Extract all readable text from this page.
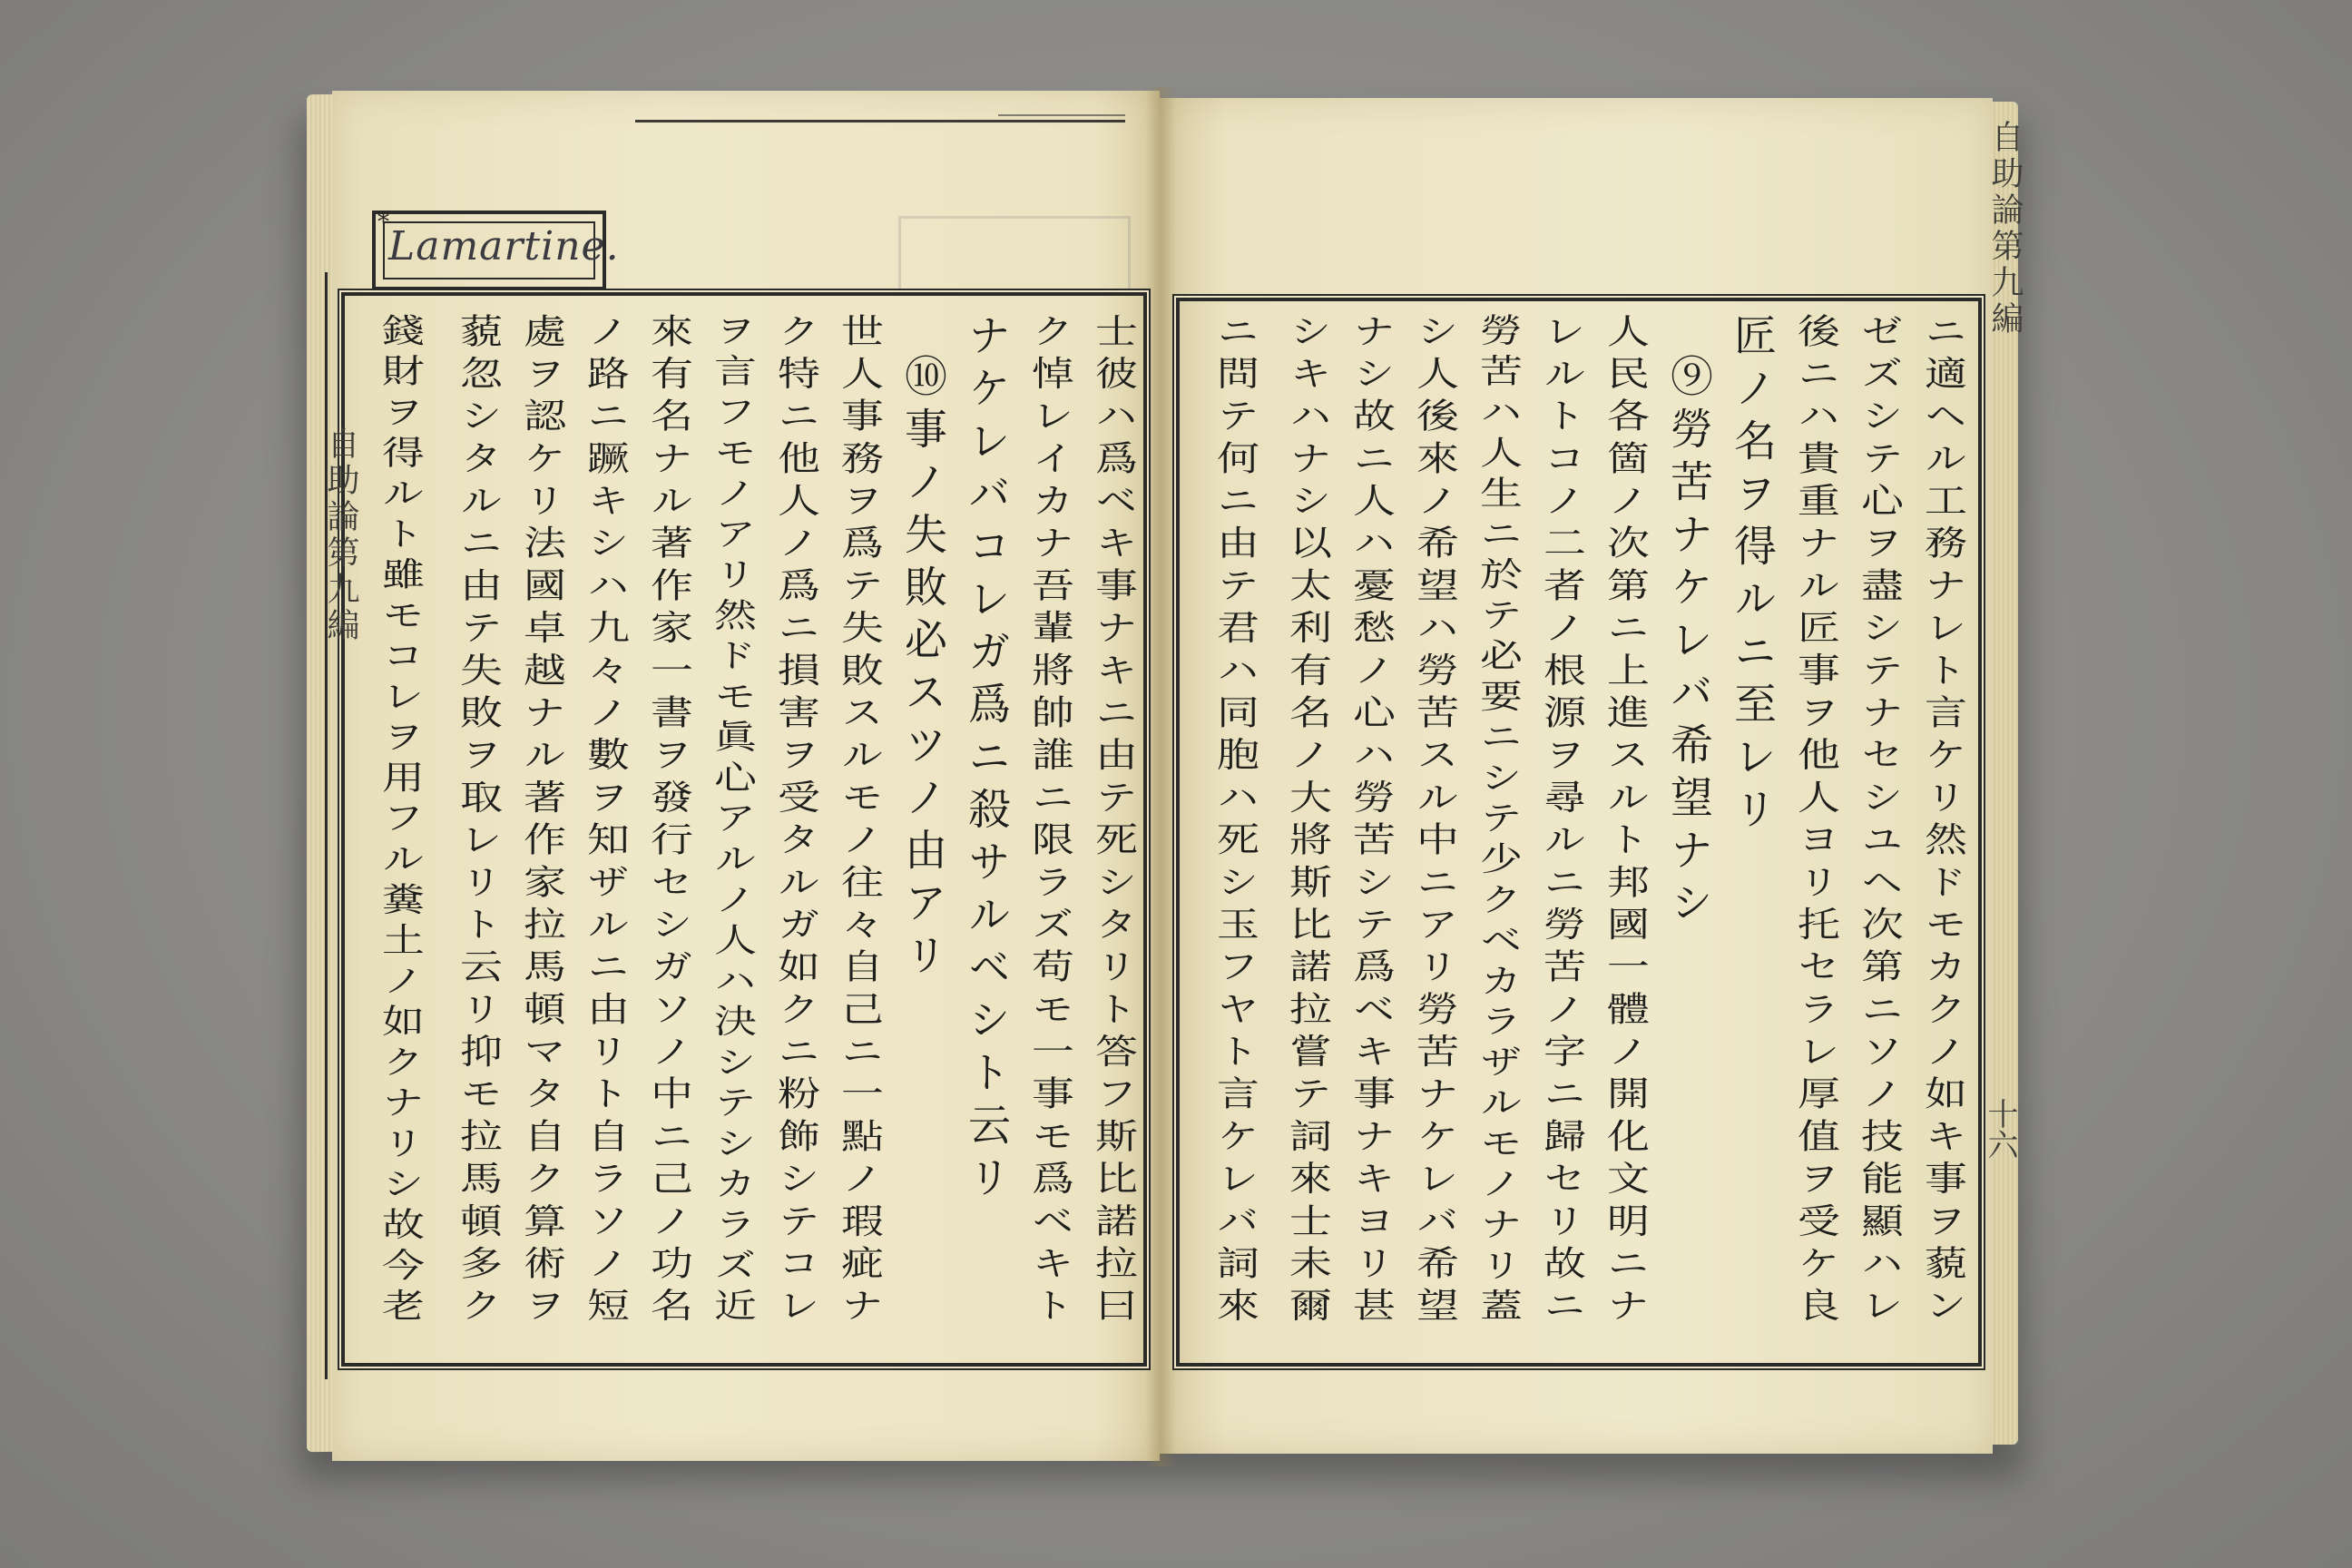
*
Lamartine.
自助論第九編
自助論第九編
十六
士彼ハ爲ベキ事ナキニ由テ死シタリト答フ斯比諾拉曰
ク悼レイカナ吾輩將帥誰ニ限ラズ苟モ一事モ爲ベキト
ナケレバコレガ爲ニ殺サルベシト云リ
⑩事ノ失敗必スツノ由アリ
世人事務ヲ爲テ失敗スルモノ往々自己ニ一點ノ瑕疵ナ
ク特ニ他人ノ爲ニ損害ヲ受タルガ如クニ粉飾シテコレ
ヲ言フモノアリ然ドモ眞心アルノ人ハ決シテシカラズ近
來有名ナル著作家一書ヲ發行セシガソノ中ニ己ノ功名
ノ路ニ蹶キシハ九々ノ數ヲ知ザルニ由リト自ラソノ短
處ヲ認ケリ法國卓越ナル著作家拉馬頓マタ自ク算術ヲ
藐忽シタルニ由テ失敗ヲ取レリト云リ抑モ拉馬頓多ク
錢財ヲ得ルト雖モコレヲ用フル糞土ノ如クナリシ故今老	ニ適ヘル工務ナレト言ケリ然ドモカクノ如キ事ヲ藐ン
ゼズシテ心ヲ盡シテナセシユヘ次第ニソノ技能顯ハレ
後ニハ貴重ナル匠事ヲ他人ヨリ托セラレ厚值ヲ受ケ良
匠ノ名ヲ得ルニ至レリ
⑨勞苦ナケレバ希望ナシ
人民各箇ノ次第ニ上進スルト邦國一體ノ開化文明ニナ
レルトコノ二者ノ根源ヲ尋ルニ勞苦ノ字ニ歸セリ故ニ
勞苦ハ人生ニ於テ必要ニシテ少クベカラザルモノナリ蓋
シ人後來ノ希望ハ勞苦スル中ニアリ勞苦ナケレバ希望
ナシ故ニ人ハ憂愁ノ心ハ勞苦シテ爲ベキ事ナキヨリ甚
シキハナシ以太利有名ノ大將斯比諾拉嘗テ詞來士未爾
ニ問テ何ニ由テ君ハ同胞ハ死シ玉フヤト言ケレバ詞來
